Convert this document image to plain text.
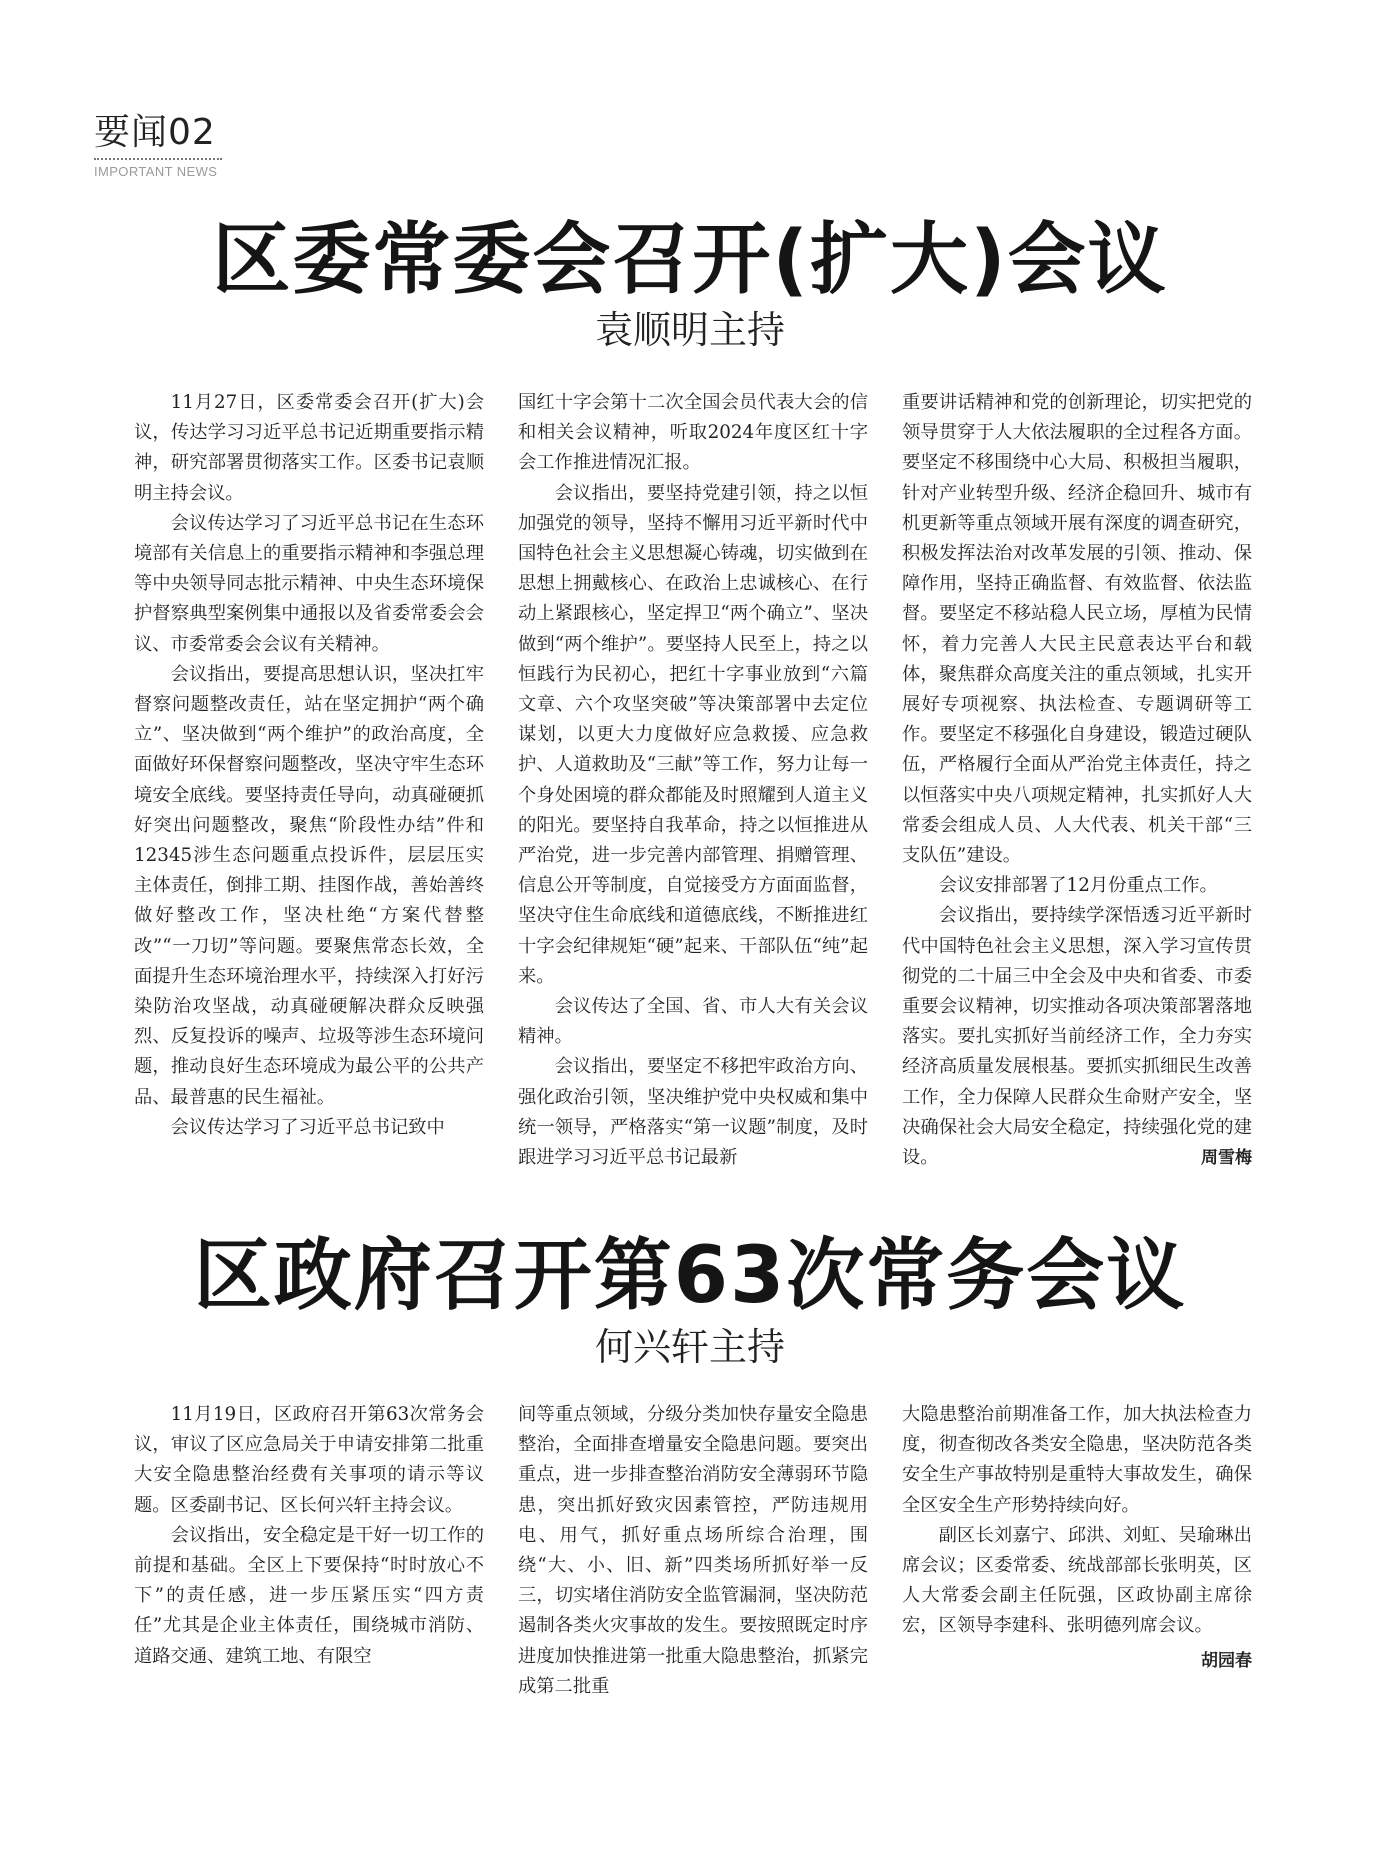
要闻02
IMPORTANT NEWS
区委常委会召开(扩大)会议
袁顺明主持

11月27日，区委常委会召开(扩大)会议，传达学习习近平总书记近期重要指示精神，研究部署贯彻落实工作。区委书记袁顺明主持会议。

会议传达学习了习近平总书记在生态环境部有关信息上的重要指示精神和李强总理等中央领导同志批示精神、中央生态环境保护督察典型案例集中通报以及省委常委会会议、市委常委会会议有关精神。

会议指出，要提高思想认识，坚决扛牢督察问题整改责任，站在坚定拥护“两个确立”、坚决做到“两个维护”的政治高度，全面做好环保督察问题整改，坚决守牢生态环境安全底线。要坚持责任导向，动真碰硬抓好突出问题整改，聚焦“阶段性办结”件和12345涉生态问题重点投诉件，层层压实主体责任，倒排工期、挂图作战，善始善终做好整改工作，坚决杜绝“方案代替整改”“一刀切”等问题。要聚焦常态长效，全面提升生态环境治理水平，持续深入打好污染防治攻坚战，动真碰硬解决群众反映强烈、反复投诉的噪声、垃圾等涉生态环境问题，推动良好生态环境成为最公平的公共产品、最普惠的民生福祉。

会议传达学习了习近平总书记致中

国红十字会第十二次全国会员代表大会的信和相关会议精神，听取2024年度区红十字会工作推进情况汇报。

会议指出，要坚持党建引领，持之以恒加强党的领导，坚持不懈用习近平新时代中国特色社会主义思想凝心铸魂，切实做到在思想上拥戴核心、在政治上忠诚核心、在行动上紧跟核心，坚定捍卫“两个确立”、坚决做到“两个维护”。要坚持人民至上，持之以恒践行为民初心，把红十字事业放到“六篇文章、六个攻坚突破”等决策部署中去定位谋划，以更大力度做好应急救援、应急救护、人道救助及“三献”等工作，努力让每一个身处困境的群众都能及时照耀到人道主义的阳光。要坚持自我革命，持之以恒推进从严治党，进一步完善内部管理、捐赠管理、信息公开等制度，自觉接受方方面面监督，坚决守住生命底线和道德底线，不断推进红十字会纪律规矩“硬”起来、干部队伍“纯”起来。

会议传达了全国、省、市人大有关会议精神。

会议指出，要坚定不移把牢政治方向、强化政治引领，坚决维护党中央权威和集中统一领导，严格落实“第一议题”制度，及时跟进学习习近平总书记最新

重要讲话精神和党的创新理论，切实把党的领导贯穿于人大依法履职的全过程各方面。要坚定不移围绕中心大局、积极担当履职，针对产业转型升级、经济企稳回升、城市有机更新等重点领域开展有深度的调查研究，积极发挥法治对改革发展的引领、推动、保障作用，坚持正确监督、有效监督、依法监督。要坚定不移站稳人民立场，厚植为民情怀，着力完善人大民主民意表达平台和载体，聚焦群众高度关注的重点领域，扎实开展好专项视察、执法检查、专题调研等工作。要坚定不移强化自身建设，锻造过硬队伍，严格履行全面从严治党主体责任，持之以恒落实中央八项规定精神，扎实抓好人大常委会组成人员、人大代表、机关干部“三支队伍”建设。

会议安排部署了12月份重点工作。

会议指出，要持续学深悟透习近平新时代中国特色社会主义思想，深入学习宣传贯彻党的二十届三中全会及中央和省委、市委重要会议精神，切实推动各项决策部署落地落实。要扎实抓好当前经济工作，全力夯实经济高质量发展根基。要抓实抓细民生改善工作，全力保障人民群众生命财产安全，坚决确保社会大局安全稳定，持续强化党的建设。	周雪梅

区政府召开第63次常务会议
何兴轩主持

11月19日，区政府召开第63次常务会议，审议了区应急局关于申请安排第二批重大安全隐患整治经费有关事项的请示等议题。区委副书记、区长何兴轩主持会议。

会议指出，安全稳定是干好一切工作的前提和基础。全区上下要保持“时时放心不下”的责任感，进一步压紧压实“四方责任”尤其是企业主体责任，围绕城市消防、道路交通、建筑工地、有限空

间等重点领域，分级分类加快存量安全隐患整治，全面排查增量安全隐患问题。要突出重点，进一步排查整治消防安全薄弱环节隐患，突出抓好致灾因素管控，严防违规用电、用气，抓好重点场所综合治理，围绕“大、小、旧、新”四类场所抓好举一反三，切实堵住消防安全监管漏洞，坚决防范遏制各类火灾事故的发生。要按照既定时序进度加快推进第一批重大隐患整治，抓紧完成第二批重

大隐患整治前期准备工作，加大执法检查力度，彻查彻改各类安全隐患，坚决防范各类安全生产事故特别是重特大事故发生，确保全区安全生产形势持续向好。

副区长刘嘉宁、邱洪、刘虹、吴瑜琳出席会议；区委常委、统战部部长张明英，区人大常委会副主任阮强，区政协副主席徐宏，区领导李建科、张明德列席会议。

胡园春
